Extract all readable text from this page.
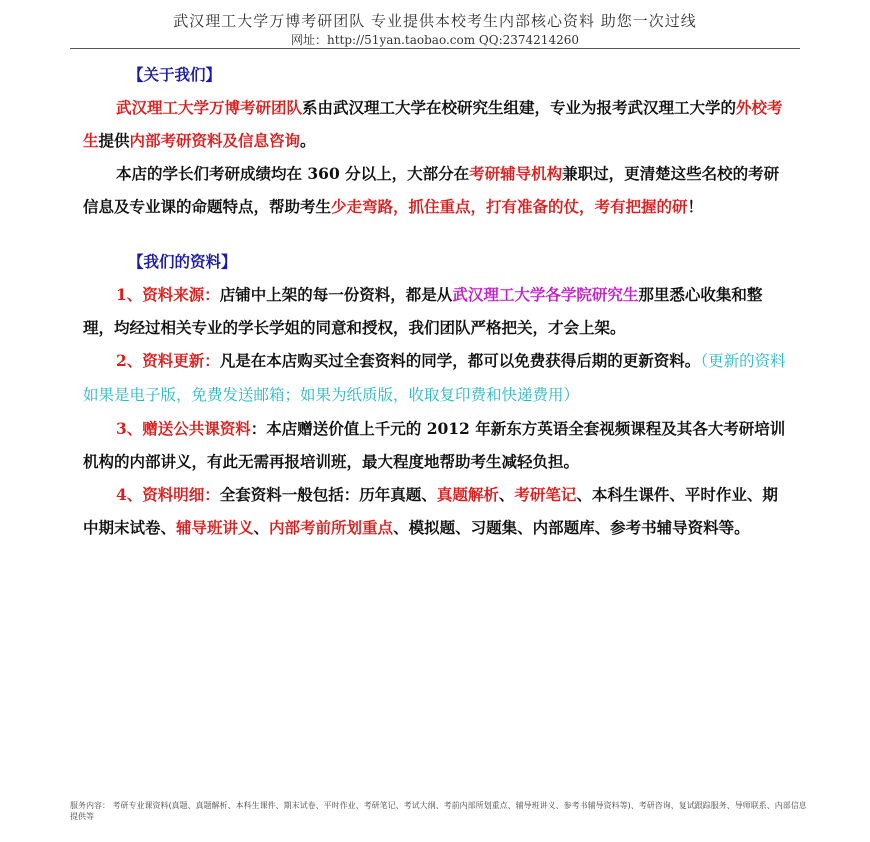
武汉理工大学万博考研团队 专业提供本校考生内部核心资料 助您一次过线
网址：http://51yan.taobao.com QQ:2374214260

【关于我们】

武汉理工大学万博考研团队系由武汉理工大学在校研究生组建，专业为报考武汉理工大学的外校考生提供内部考研资料及信息咨询。

本店的学长们考研成绩均在 360 分以上，大部分在考研辅导机构兼职过，更清楚这些名校的考研信息及专业课的命题特点，帮助考生少走弯路，抓住重点，打有准备的仗，考有把握的研！

【我们的资料】

1、资料来源：店铺中上架的每一份资料，都是从武汉理工大学各学院研究生那里悉心收集和整理，均经过相关专业的学长学姐的同意和授权，我们团队严格把关，才会上架。

2、资料更新：凡是在本店购买过全套资料的同学，都可以免费获得后期的更新资料。（更新的资料如果是电子版，免费发送邮箱；如果为纸质版，收取复印费和快递费用）

3、赠送公共课资料：本店赠送价值上千元的 2012 年新东方英语全套视频课程及其各大考研培训机构的内部讲义，有此无需再报培训班，最大程度地帮助考生减轻负担。

4、资料明细：全套资料一般包括：历年真题、真题解析、考研笔记、本科生课件、平时作业、期中期末试卷、辅导班讲义、内部考前所划重点、模拟题、习题集、内部题库、参考书辅导资料等。

服务内容： 考研专业课资料(真题、真题解析、本科生课件、期末试卷、平时作业、考研笔记、考试大纲、考前内部所划重点、辅导班讲义、参考书辅导资料等)、考研咨询、复试跟踪服务、导师联系、内部信息提供等
